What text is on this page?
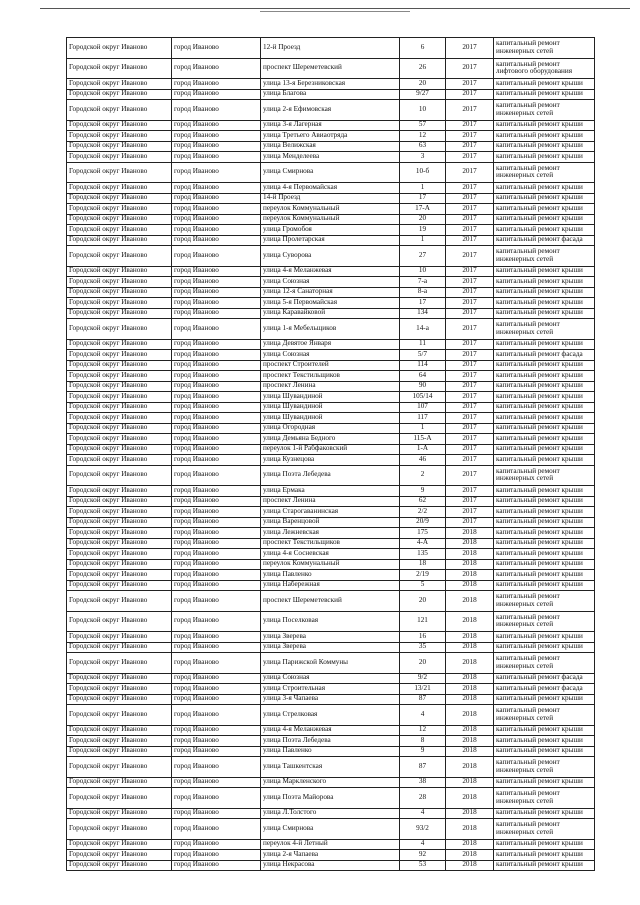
Городской округ Иваново	город Иваново	12-й Проезд	6	2017	капитальный ремонт инженерных сетей
Городской округ Иваново	город Иваново	проспект Шереметевский	26	2017	капитальный ремонт лифтового оборудования
Городской округ Иваново	город Иваново	улица 13-я Березниковская	20	2017	капитальный ремонт крыши
Городской округ Иваново	город Иваново	улица Благова	9/27	2017	капитальный ремонт крыши
Городской округ Иваново	город Иваново	улица 2-я Ефимовская	10	2017	капитальный ремонт инженерных сетей
Городской округ Иваново	город Иваново	улица 3-я Лагерная	57	2017	капитальный ремонт крыши
Городской округ Иваново	город Иваново	улица Третьего Авиаотряда	12	2017	капитальный ремонт крыши
Городской округ Иваново	город Иваново	улица Велижская	63	2017	капитальный ремонт крыши
Городской округ Иваново	город Иваново	улица Менделеева	3	2017	капитальный ремонт крыши
Городской округ Иваново	город Иваново	улица Смирнова	10-б	2017	капитальный ремонт инженерных сетей
Городской округ Иваново	город Иваново	улица 4-я Первомайская	1	2017	капитальный ремонт крыши
Городской округ Иваново	город Иваново	14-й Проезд	17	2017	капитальный ремонт крыши
Городской округ Иваново	город Иваново	переулок Коммунальный	17-А	2017	капитальный ремонт крыши
Городской округ Иваново	город Иваново	переулок Коммунальный	20	2017	капитальный ремонт крыши
Городской округ Иваново	город Иваново	улица Громобоя	19	2017	капитальный ремонт крыши
Городской округ Иваново	город Иваново	улица Пролетарская	1	2017	капитальный ремонт фасада
Городской округ Иваново	город Иваново	улица Суворова	27	2017	капитальный ремонт инженерных сетей
Городской округ Иваново	город Иваново	улица 4-я Меланжевая	10	2017	капитальный ремонт крыши
Городской округ Иваново	город Иваново	улица Союзная	7-а	2017	капитальный ремонт крыши
Городской округ Иваново	город Иваново	улица 12-я Санаторная	8-а	2017	капитальный ремонт крыши
Городской округ Иваново	город Иваново	улица 5-я Первомайская	17	2017	капитальный ремонт крыши
Городской округ Иваново	город Иваново	улица Каравайковой	134	2017	капитальный ремонт крыши
Городской округ Иваново	город Иваново	улица 1-я Мебельщиков	14-а	2017	капитальный ремонт инженерных сетей
Городской округ Иваново	город Иваново	улица Девятое Января	11	2017	капитальный ремонт крыши
Городской округ Иваново	город Иваново	улица Союзная	5/7	2017	капитальный ремонт фасада
Городской округ Иваново	город Иваново	проспект Строителей	114	2017	капитальный ремонт крыши
Городской округ Иваново	город Иваново	проспект Текстильщиков	64	2017	капитальный ремонт крыши
Городской округ Иваново	город Иваново	проспект Ленина	90	2017	капитальный ремонт крыши
Городской округ Иваново	город Иваново	улица Шувандиной	105/14	2017	капитальный ремонт крыши
Городской округ Иваново	город Иваново	улица Шувандиной	107	2017	капитальный ремонт крыши
Городской округ Иваново	город Иваново	улица Шувандиной	117	2017	капитальный ремонт крыши
Городской округ Иваново	город Иваново	улица Огородная	1	2017	капитальный ремонт крыши
Городской округ Иваново	город Иваново	улица Демьяна Бедного	115-А	2017	капитальный ремонт крыши
Городской округ Иваново	город Иваново	переулок 1-й Рабфаковский	1-А	2017	капитальный ремонт крыши
Городской округ Иваново	город Иваново	улица Кузнецова	46	2017	капитальный ремонт крыши
Городской округ Иваново	город Иваново	улица Поэта Лебедева	2	2017	капитальный ремонт инженерных сетей
Городской округ Иваново	город Иваново	улица Ермака	9	2017	капитальный ремонт крыши
Городской округ Иваново	город Иваново	проспект Ленина	62	2017	капитальный ремонт крыши
Городской округ Иваново	город Иваново	улица Старогаванинская	2/2	2017	капитальный ремонт крыши
Городской округ Иваново	город Иваново	улица Варенцовой	20/9	2017	капитальный ремонт крыши
Городской округ Иваново	город Иваново	улица Лежневская	175	2018	капитальный ремонт крыши
Городской округ Иваново	город Иваново	проспект Текстильщиков	4-А	2018	капитальный ремонт крыши
Городской округ Иваново	город Иваново	улица 4-я Сосневская	135	2018	капитальный ремонт крыши
Городской округ Иваново	город Иваново	переулок Коммунальный	18	2018	капитальный ремонт крыши
Городской округ Иваново	город Иваново	улица Павленко	2/19	2018	капитальный ремонт крыши
Городской округ Иваново	город Иваново	улица Набережная	5	2018	капитальный ремонт крыши
Городской округ Иваново	город Иваново	проспект Шереметевский	20	2018	капитальный ремонт инженерных сетей
Городской округ Иваново	город Иваново	улица Поселковая	121	2018	капитальный ремонт инженерных сетей
Городской округ Иваново	город Иваново	улица Зверева	16	2018	капитальный ремонт крыши
Городской округ Иваново	город Иваново	улица Зверева	35	2018	капитальный ремонт крыши
Городской округ Иваново	город Иваново	улица Парижской Коммуны	20	2018	капитальный ремонт инженерных сетей
Городской округ Иваново	город Иваново	улица Союзная	9/2	2018	капитальный ремонт фасада
Городской округ Иваново	город Иваново	улица Строительная	13/21	2018	капитальный ремонт фасада
Городской округ Иваново	город Иваново	улица 3-я Чапаева	87	2018	капитальный ремонт крыши
Городской округ Иваново	город Иваново	улица Стрелковая	4	2018	капитальный ремонт инженерных сетей
Городской округ Иваново	город Иваново	улица 4-я Меланжевая	12	2018	капитальный ремонт крыши
Городской округ Иваново	город Иваново	улица Поэта Лебедева	8	2018	капитальный ремонт крыши
Городской округ Иваново	город Иваново	улица Павленко	9	2018	капитальный ремонт крыши
Городской округ Иваново	город Иваново	улица Ташкентская	87	2018	капитальный ремонт инженерных сетей
Городской округ Иваново	город Иваново	улица Маркленского	38	2018	капитальный ремонт крыши
Городской округ Иваново	город Иваново	улица Поэта Майорова	28	2018	капитальный ремонт инженерных сетей
Городской округ Иваново	город Иваново	улица Л.Толстого	4	2018	капитальный ремонт крыши
Городской округ Иваново	город Иваново	улица Смирнова	93/2	2018	капитальный ремонт инженерных сетей
Городской округ Иваново	город Иваново	переулок 4-й Летный	4	2018	капитальный ремонт крыши
Городской округ Иваново	город Иваново	улица 2-я Чапаева	92	2018	капитальный ремонт крыши
Городской округ Иваново	город Иваново	улица Некрасова	53	2018	капитальный ремонт крыши
